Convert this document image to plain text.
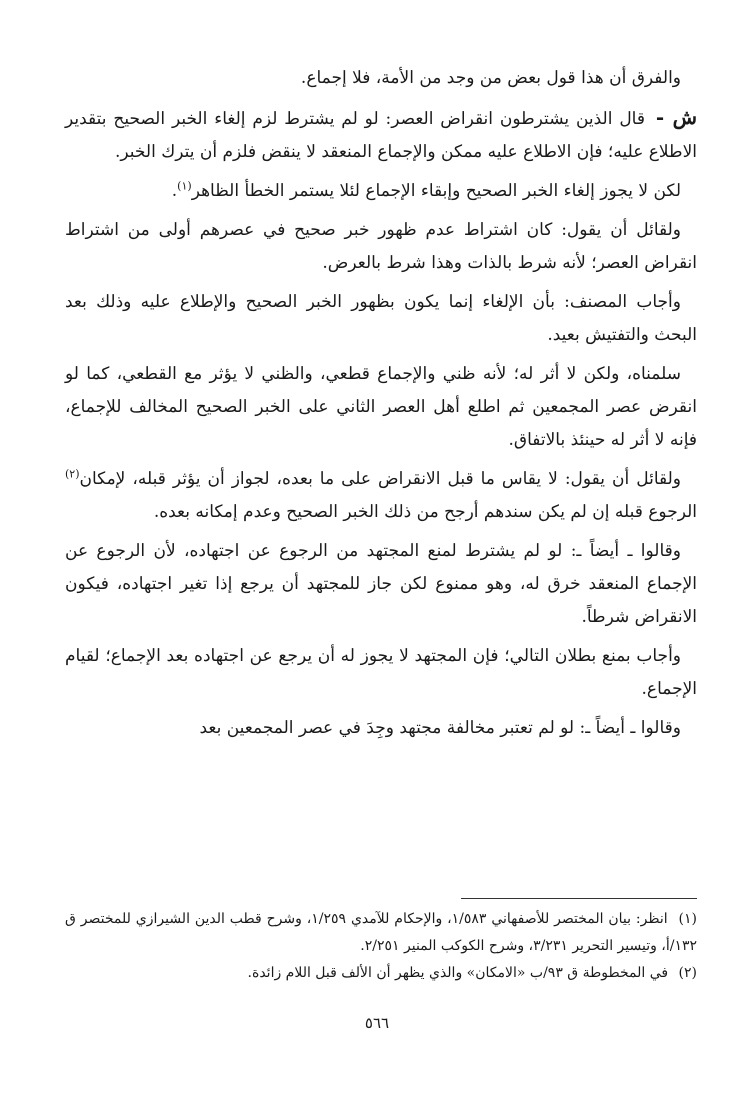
والفرق أن هذا قول بعض من وجد من الأمة، فلا إجماع.

ش - قال الذين يشترطون انقراض العصر: لو لم يشترط لزم إلغاء الخبر الصحيح بتقدير الاطلاع عليه؛ فإن الاطلاع عليه ممكن والإجماع المنعقد لا ينقض فلزم أن يترك الخبر.

لكن لا يجوز إلغاء الخبر الصحيح وإبقاء الإجماع لئلا يستمر الخطأ الظاهر$^{(١)}$.

ولقائل أن يقول: كان اشتراط عدم ظهور خبر صحيح في عصرهم أولى من اشتراط انقراض العصر؛ لأنه شرط بالذات وهذا شرط بالعرض.

وأجاب المصنف: بأن الإلغاء إنما يكون بظهور الخبر الصحيح والإطلاع عليه وذلك بعد البحث والتفتيش بعيد.

سلمناه، ولكن لا أثر له؛ لأنه ظني والإجماع قطعي، والظني لا يؤثر مع القطعي، كما لو انقرض عصر المجمعين ثم اطلع أهل العصر الثاني على الخبر الصحيح المخالف للإجماع، فإنه لا أثر له حينئذ بالاتفاق.

ولقائل أن يقول: لا يقاس ما قبل الانقراض على ما بعده، لجواز أن يؤثر قبله، لإمكان$^{(٢)}$ الرجوع قبله إن لم يكن سندهم أرجح من ذلك الخبر الصحيح وعدم إمكانه بعده.

وقالوا ـ أيضاً ـ: لو لم يشترط لمنع المجتهد من الرجوع عن اجتهاده، لأن الرجوع عن الإجماع المنعقد خرق له، وهو ممنوع لكن جاز للمجتهد أن يرجع إذا تغير اجتهاده، فيكون الانقراض شرطاً.

وأجاب بمنع بطلان التالي؛ فإن المجتهد لا يجوز له أن يرجع عن اجتهاده بعد الإجماع؛ لقيام الإجماع.

وقالوا ـ أيضاً ـ: لو لم تعتبر مخالفة مجتهد وجِدَ في عصر المجمعين بعد

(١) انظر: بيان المختصر للأصفهاني ١/٥٨٣، والإحكام للآمدي ١/٢٥٩، وشرح قطب الدين الشيرازي للمختصر ق ١٣٢/أ، وتيسير التحرير ٣/٢٣١، وشرح الكوكب المنير ٢/٢٥١.

(٢) في المخطوطة ق ٩٣/ب «الامكان» والذي يظهر أن الألف قبل اللام زائدة.

٥٦٦
